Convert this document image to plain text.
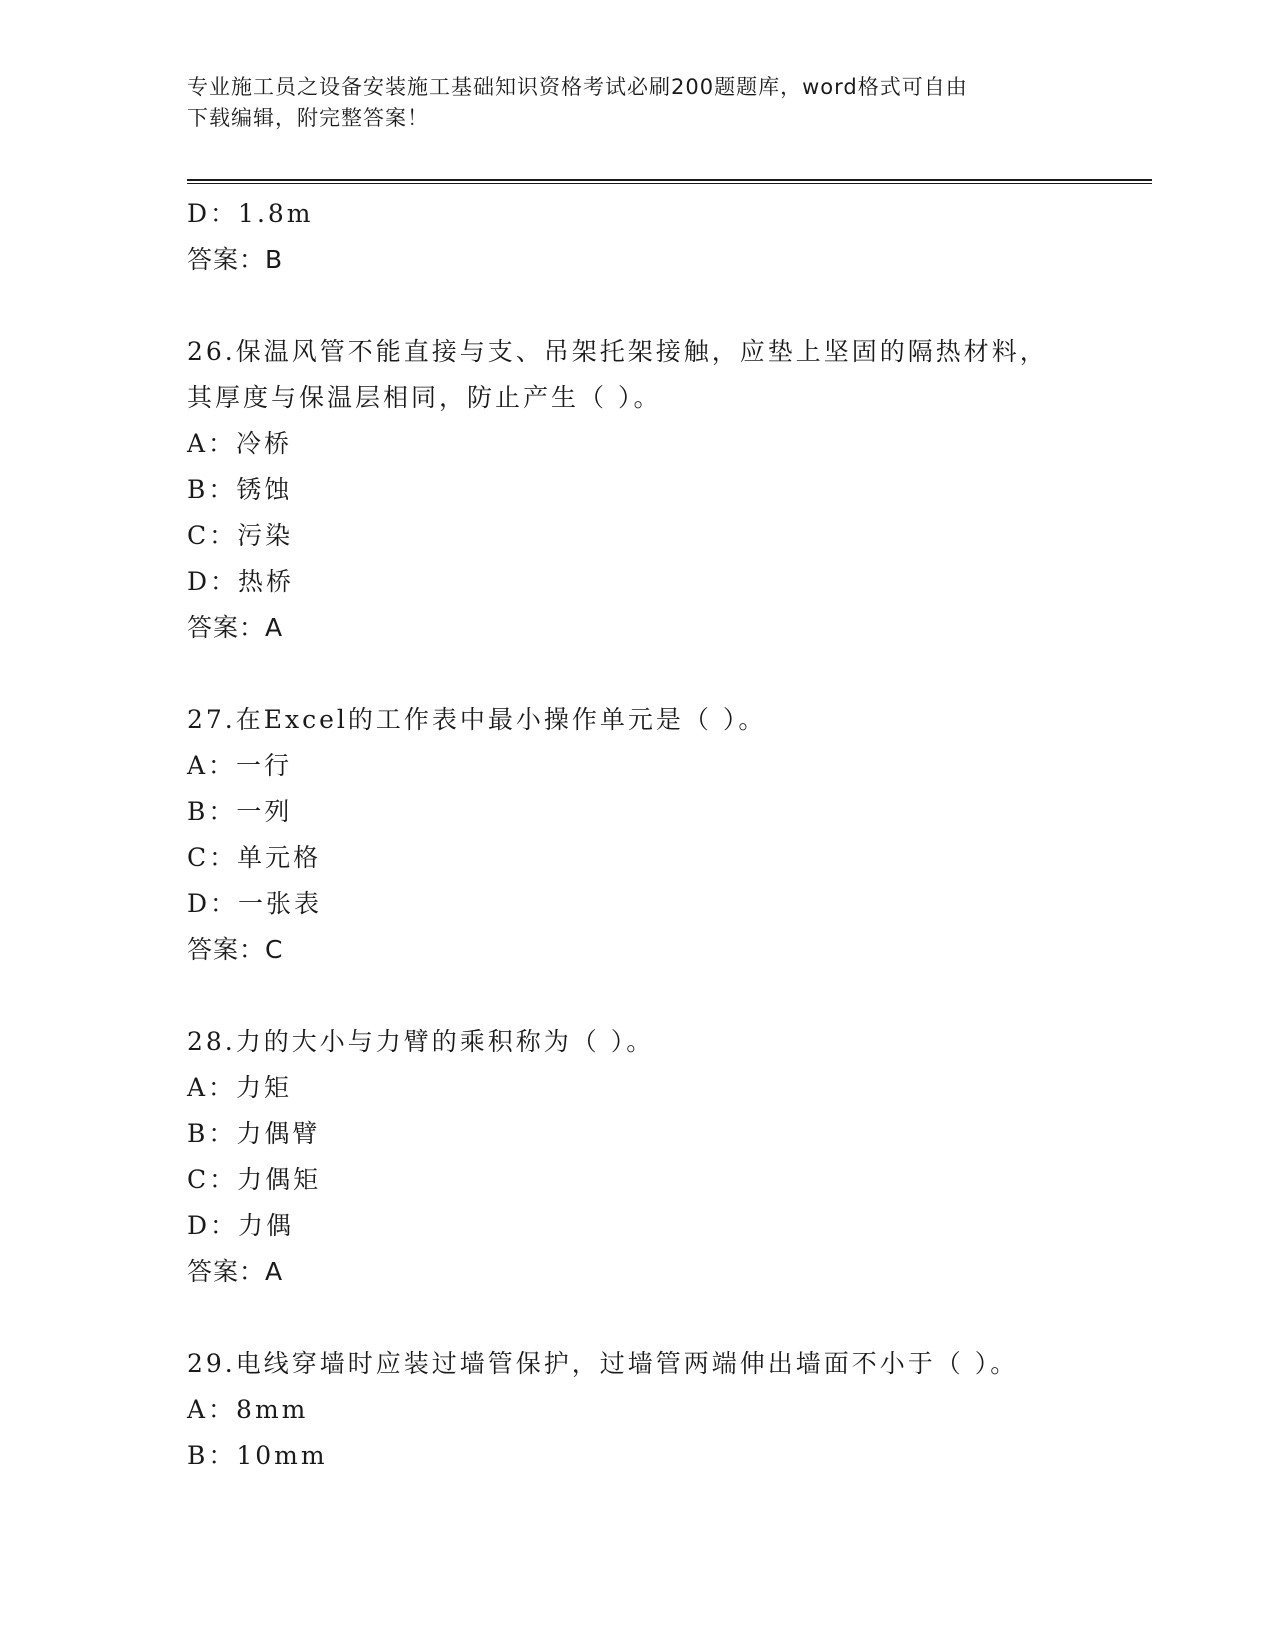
专业施工员之设备安装施工基础知识资格考试必刷200题题库，word格式可自由
下载编辑，附完整答案！
D：1.8m
答案：B
26.保温风管不能直接与支、吊架托架接触，应垫上坚固的隔热材料，
其厚度与保温层相同，防止产生（ ）。
A：冷桥
B：锈蚀
C：污染
D：热桥
答案：A
27.在Excel的工作表中最小操作单元是（ ）。
A：一行
B：一列
C：单元格
D：一张表
答案：C
28.力的大小与力臂的乘积称为（ ）。
A：力矩
B：力偶臂
C：力偶矩
D：力偶
答案：A
29.电线穿墙时应装过墙管保护，过墙管两端伸出墙面不小于（ ）。
A：8mm
B：10mm
